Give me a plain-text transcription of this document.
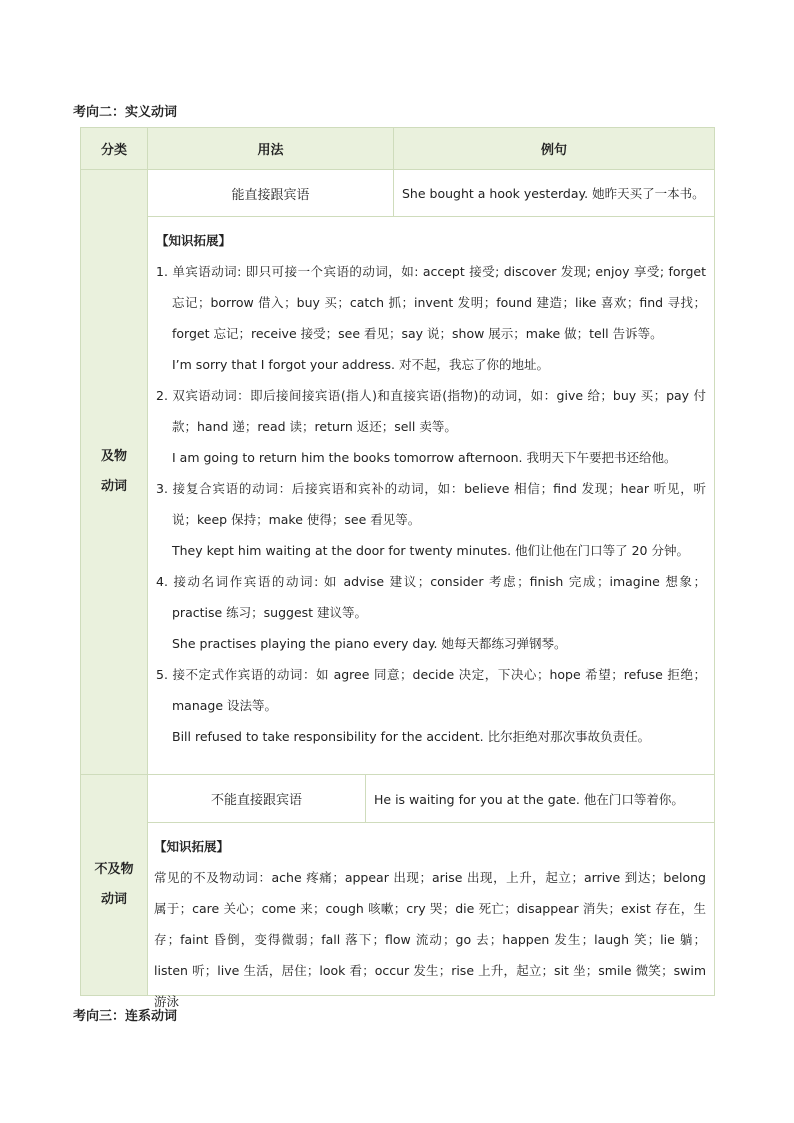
考向二：实义动词
分类	用法	例句
及物
动词
能直接跟宾语	She bought a hook yesterday. 她昨天买了一本书。

【知识拓展】

1. 单宾语动词: 即只可接一个宾语的动词，如: accept 接受; discover 发现; enjoy 享受; forget 忘记；borrow 借入；buy 买；catch 抓；invent 发明；found 建造；like 喜欢；find 寻找；forget 忘记；receive 接受；see 看见；say 说；show 展示；make 做；tell 告诉等。

I’m sorry that I forgot your address. 对不起，我忘了你的地址。

2. 双宾语动词：即后接间接宾语(指人)和直接宾语(指物)的动词，如：give 给；buy 买；pay 付款；hand 递；read 读；return 返还；sell 卖等。

I am going to return him the books tomorrow afternoon. 我明天下午要把书还给他。

3. 接复合宾语的动词：后接宾语和宾补的动词，如：believe 相信；find 发现；hear 听见，听说；keep 保持；make 使得；see 看见等。

They kept him waiting at the door for twenty minutes. 他们让他在门口等了 20 分钟。

4. 接动名词作宾语的动词: 如 advise 建议；consider 考虑；finish 完成；imagine 想象；practise 练习；suggest 建议等。

She practises playing the piano every day. 她每天都练习弹钢琴。

5. 接不定式作宾语的动词：如 agree 同意；decide 决定，下决心；hope 希望；refuse 拒绝；manage 设法等。

Bill refused to take responsibility for the accident. 比尔拒绝对那次事故负责任。

不及物
动词
不能直接跟宾语	He is waiting for you at the gate. 他在门口等着你。

【知识拓展】

常见的不及物动词：ache 疼痛；appear 出现；arise 出现，上升，起立；arrive 到达；belong 属于；care 关心；come 来；cough 咳嗽；cry 哭；die 死亡；disappear 消失；exist 存在，生存；faint 昏倒，变得微弱；fall 落下；flow 流动；go 去；happen 发生；laugh 笑；lie 躺；listen 听；live 生活，居住；look 看；occur 发生；rise 上升，起立；sit 坐；smile 微笑；swim 游泳

考向三：连系动词
